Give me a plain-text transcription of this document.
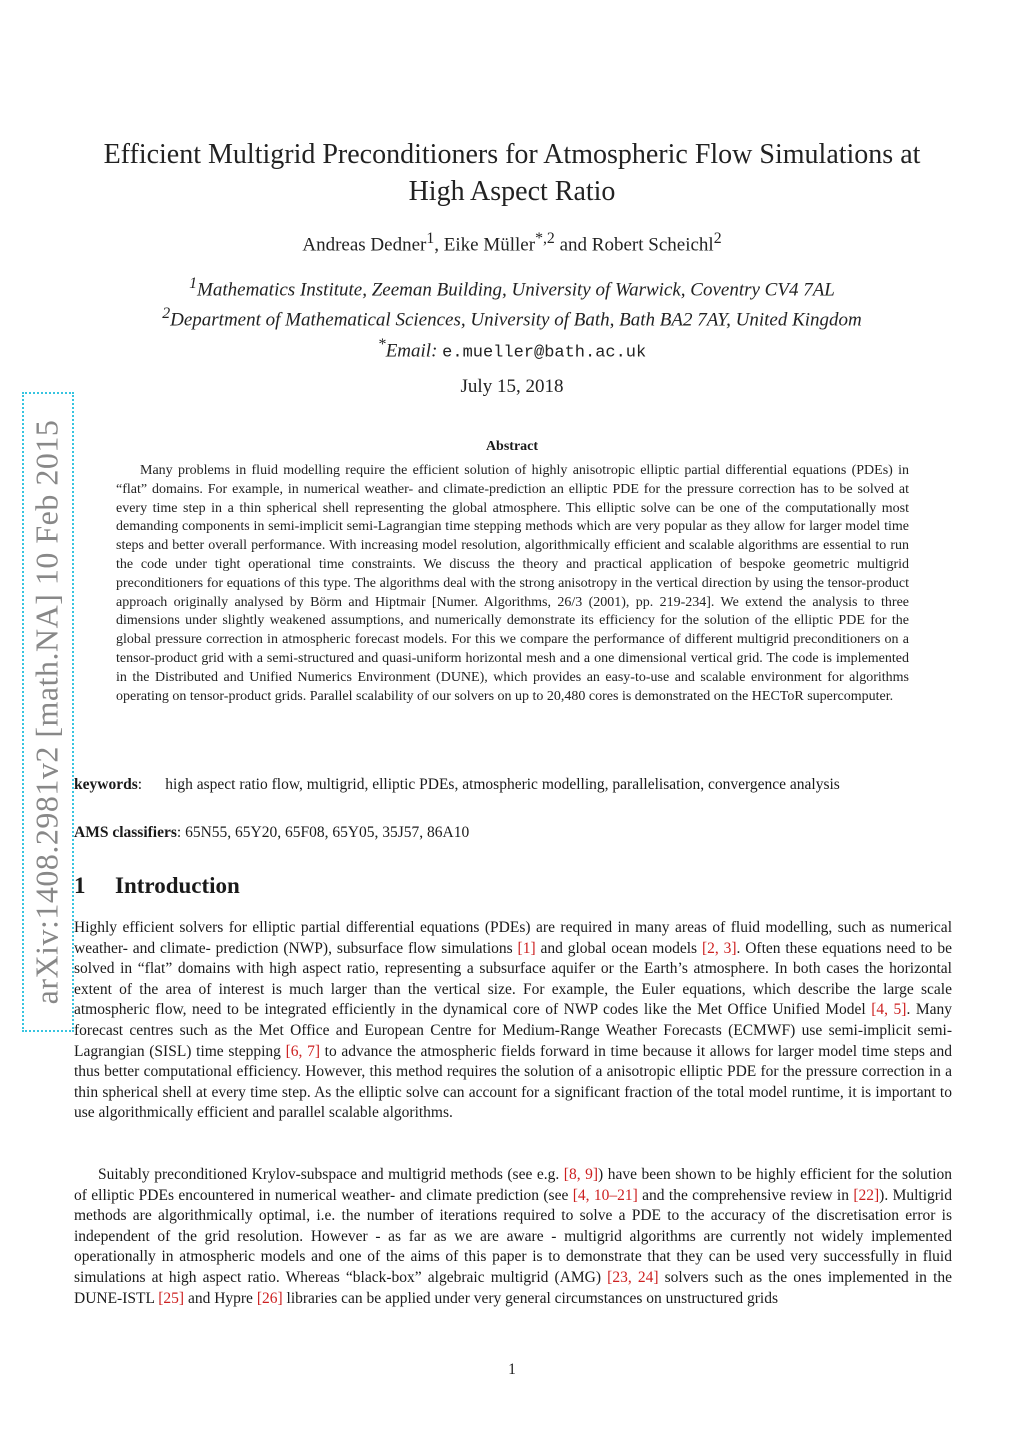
arXiv:1408.2981v2 [math.NA] 10 Feb 2015
Efficient Multigrid Preconditioners for Atmospheric Flow Simulations at
High Aspect Ratio
Andreas Dedner$^1$, Eike Müller$^{*,2}$ and Robert Scheichl$^2$
$^1$Mathematics Institute, Zeeman Building, University of Warwick, Coventry CV4 7AL
$^2$Department of Mathematical Sciences, University of Bath, Bath BA2 7AY, United Kingdom
*Email: e.mueller@bath.ac.uk
July 15, 2018
Abstract
Many problems in fluid modelling require the efficient solution of highly anisotropic elliptic partial differential equations (PDEs) in “flat” domains. For example, in numerical weather- and climate-prediction an elliptic PDE for the pressure correction has to be solved at every time step in a thin spherical shell representing the global atmosphere. This elliptic solve can be one of the computationally most demanding components in semi-implicit semi-Lagrangian time stepping methods which are very popular as they allow for larger model time steps and better overall performance. With increasing model resolution, algorithmically efficient and scalable algorithms are essential to run the code under tight operational time constraints. We discuss the theory and practical application of bespoke geometric multigrid preconditioners for equations of this type. The algorithms deal with the strong anisotropy in the vertical direction by using the tensor-product approach originally analysed by Börm and Hiptmair [Numer. Algorithms, 26/3 (2001), pp. 219-234]. We extend the analysis to three dimensions under slightly weakened assumptions, and numerically demonstrate its efficiency for the solution of the elliptic PDE for the global pressure correction in atmospheric forecast models. For this we compare the performance of different multigrid preconditioners on a tensor-product grid with a semi-structured and quasi-uniform horizontal mesh and a one dimensional vertical grid. The code is implemented in the Distributed and Unified Numerics Environment (DUNE), which provides an easy-to-use and scalable environment for algorithms operating on tensor-product grids. Parallel scalability of our solvers on up to 20,480 cores is demonstrated on the HECToR supercomputer.
keywords: high aspect ratio flow, multigrid, elliptic PDEs, atmospheric modelling, parallelisation, convergence analysis
AMS classifiers: 65N55, 65Y20, 65F08, 65Y05, 35J57, 86A10
1 Introduction
Highly efficient solvers for elliptic partial differential equations (PDEs) are required in many areas of fluid modelling, such as numerical weather- and climate- prediction (NWP), subsurface flow simulations [1] and global ocean models [2, 3]. Often these equations need to be solved in “flat” domains with high aspect ratio, representing a subsurface aquifer or the Earth’s atmosphere. In both cases the horizontal extent of the area of interest is much larger than the vertical size. For example, the Euler equations, which describe the large scale atmospheric flow, need to be integrated efficiently in the dynamical core of NWP codes like the Met Office Unified Model [4, 5]. Many forecast centres such as the Met Office and European Centre for Medium-Range Weather Forecasts (ECMWF) use semi-implicit semi-Lagrangian (SISL) time stepping [6, 7] to advance the atmospheric fields forward in time because it allows for larger model time steps and thus better computational efficiency. However, this method requires the solution of a anisotropic elliptic PDE for the pressure correction in a thin spherical shell at every time step. As the elliptic solve can account for a significant fraction of the total model runtime, it is important to use algorithmically efficient and parallel scalable algorithms.
Suitably preconditioned Krylov-subspace and multigrid methods (see e.g. [8, 9]) have been shown to be highly efficient for the solution of elliptic PDEs encountered in numerical weather- and climate prediction (see [4, 10–21] and the comprehensive review in [22]). Multigrid methods are algorithmically optimal, i.e. the number of iterations required to solve a PDE to the accuracy of the discretisation error is independent of the grid resolution. However - as far as we are aware - multigrid algorithms are currently not widely implemented operationally in atmospheric models and one of the aims of this paper is to demonstrate that they can be used very successfully in fluid simulations at high aspect ratio. Whereas “black-box” algebraic multigrid (AMG) [23, 24] solvers such as the ones implemented in the DUNE-ISTL [25] and Hypre [26] libraries can be applied under very general circumstances on unstructured grids
1
